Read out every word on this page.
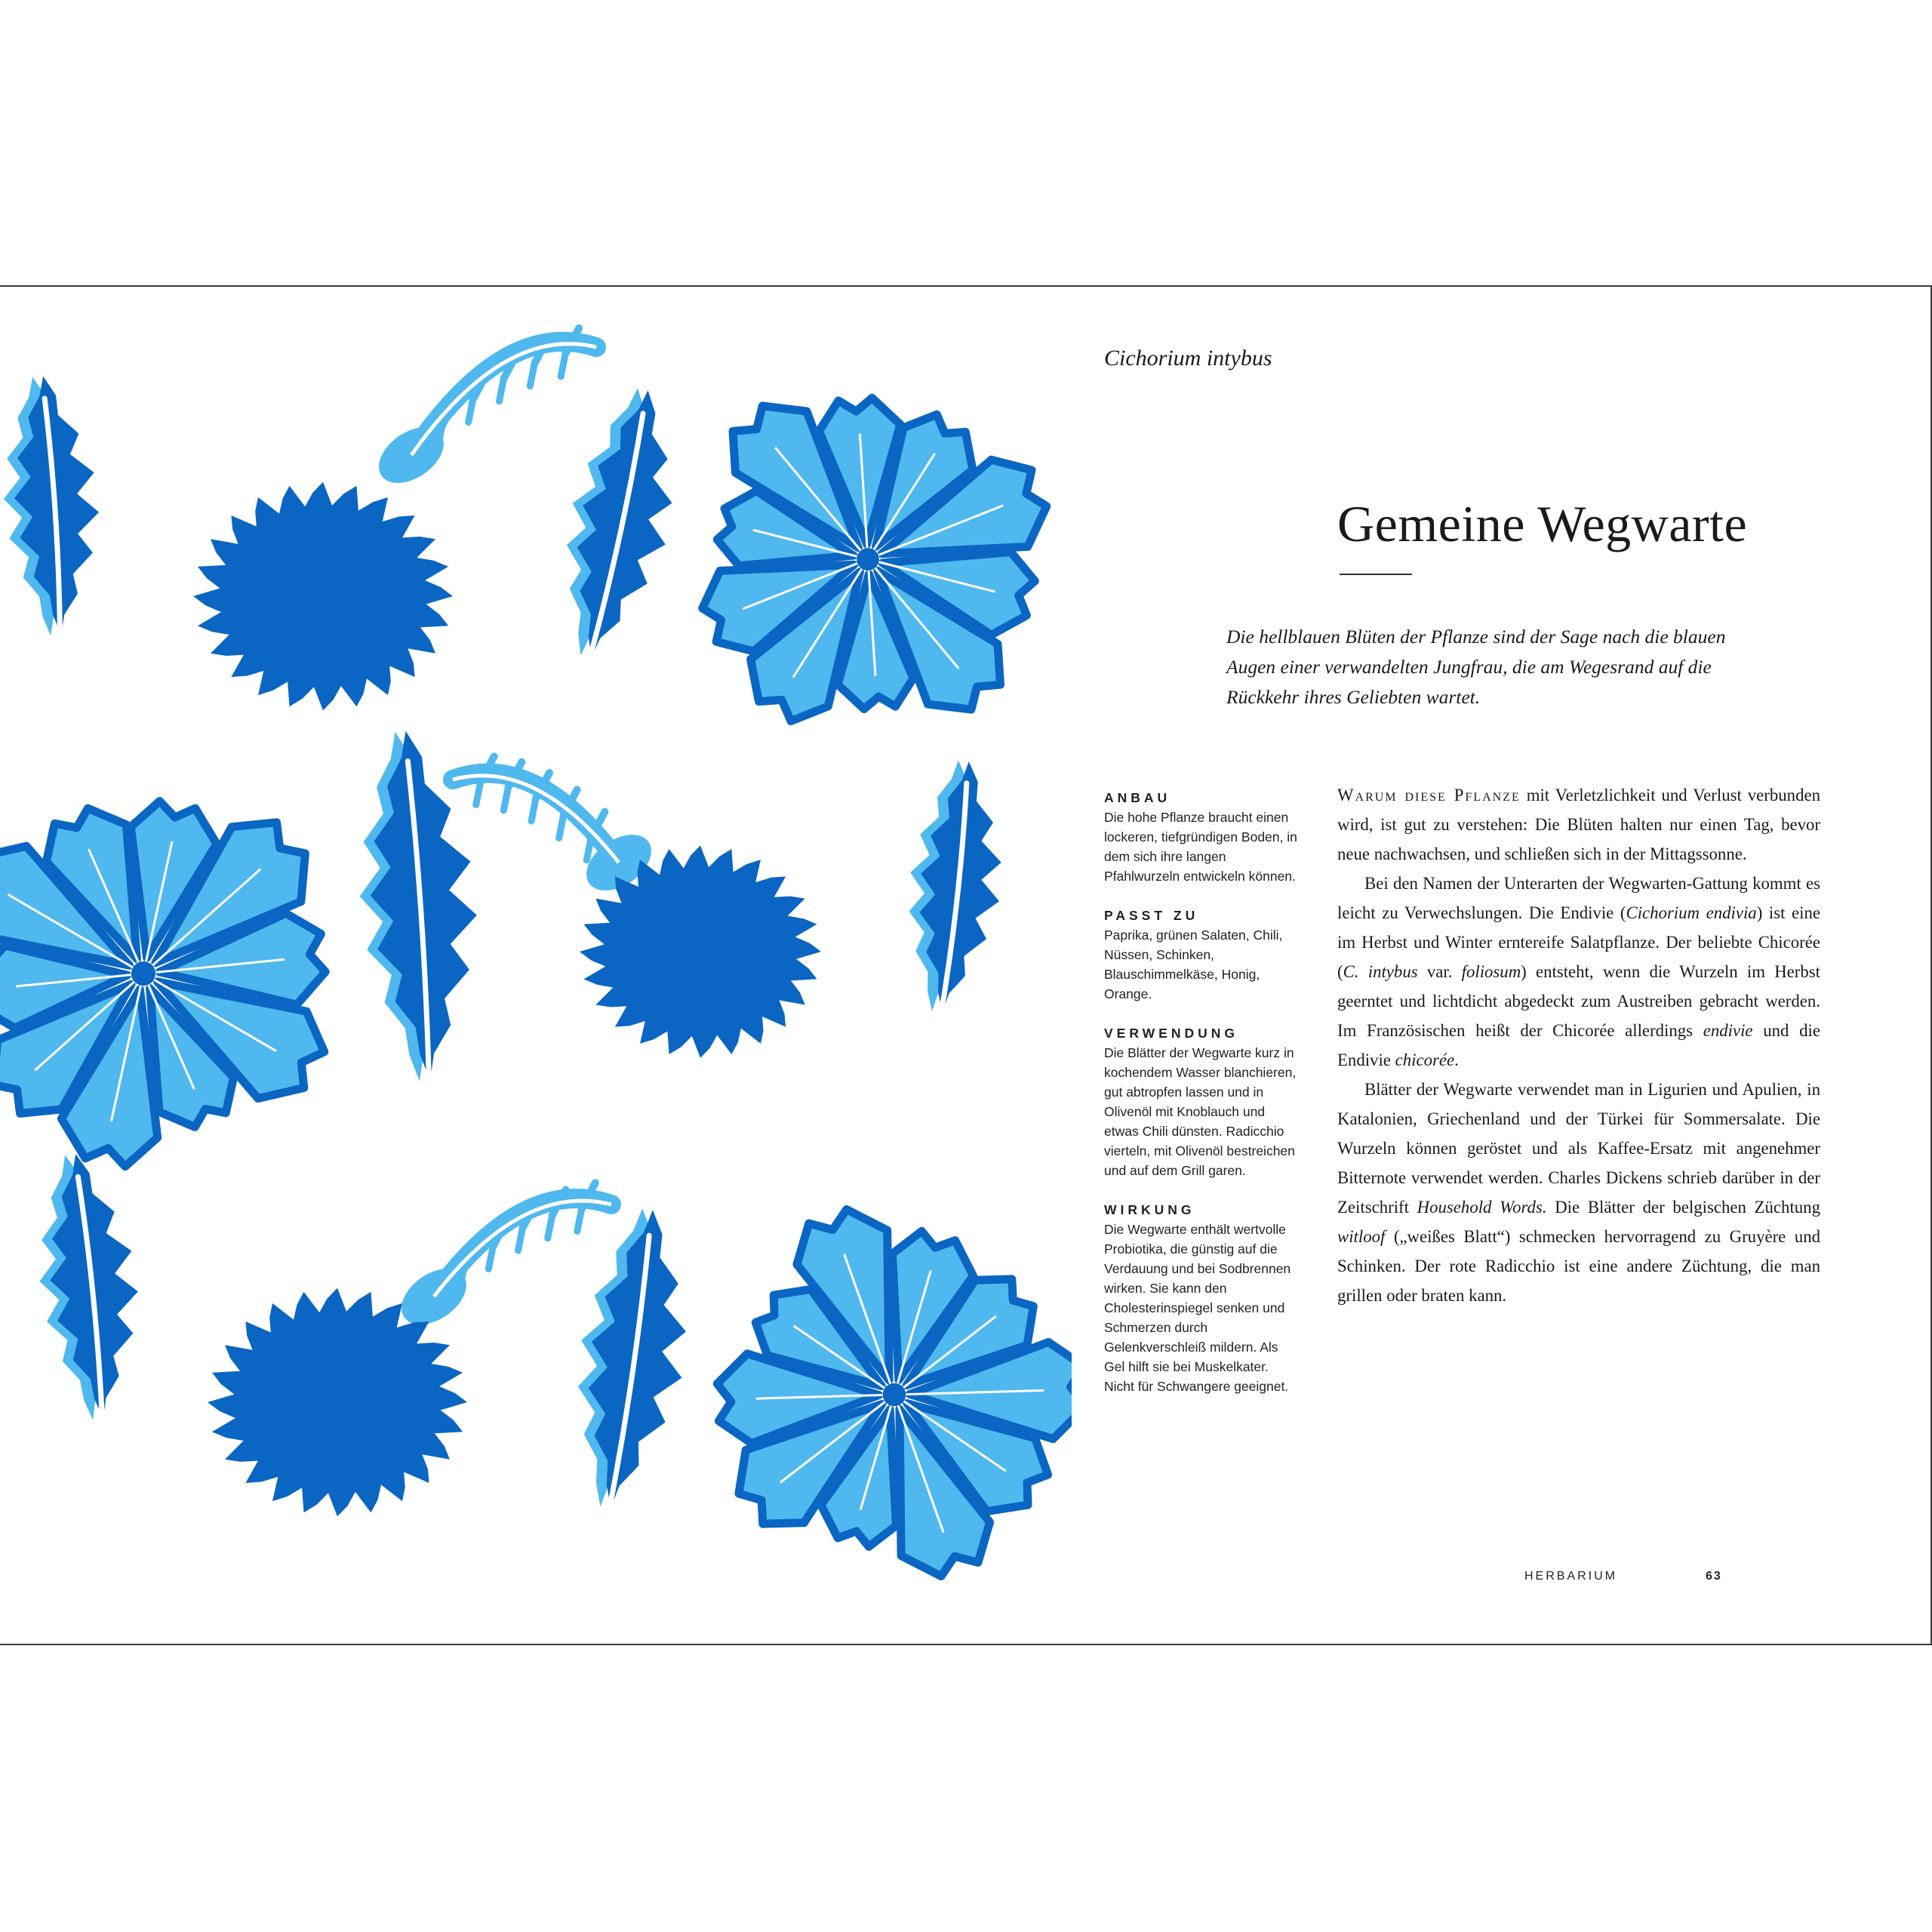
Cichorium intybus
Gemeine Wegwarte

Die hellblauen Blüten der Pflanze sind der Sage nach die blauen Augen einer verwandelten Jungfrau, die am Wegesrand auf die Rückkehr ihres Geliebten wartet.

ANBAU
Die hohe Pflanze braucht einen lockeren, tiefgründigen Boden, in dem sich ihre langen Pfahlwurzeln entwickeln können.
PASST ZU
Paprika, grünen Salaten, Chili, Nüssen, Schinken, Blauschimmelkäse, Honig, Orange.
VERWENDUNG
Die Blätter der Wegwarte kurz in kochendem Wasser blanchieren, gut abtropfen lassen und in Olivenöl mit Knoblauch und etwas Chili dünsten. Radicchio vierteln, mit Olivenöl bestreichen und auf dem Grill garen.
WIRKUNG
Die Wegwarte enthält wertvolle Probiotika, die günstig auf die Verdauung und bei Sodbrennen wirken. Sie kann den Cholesterinspiegel senken und Schmerzen durch Gelenkverschleiß mildern. Als Gel hilft sie bei Muskelkater. Nicht für Schwangere geeignet.

Warum diese Pflanze mit Verletzlichkeit und Verlust verbunden wird, ist gut zu verstehen: Die Blüten halten nur einen Tag, bevor neue nachwachsen, und schließen sich in der Mittagssonne.

Bei den Namen der Unterarten der Wegwarten-Gattung kommt es leicht zu Verwechslungen. Die Endivie (Cichorium endivia) ist eine im Herbst und Winter erntereife Salatpflanze. Der beliebte Chicorée (C. intybus var. foliosum) entsteht, wenn die Wurzeln im Herbst geerntet und lichtdicht abgedeckt zum Austreiben gebracht werden. Im Französischen heißt der Chicorée allerdings endivie und die Endivie chicorée.

Blätter der Wegwarte verwendet man in Ligurien und Apulien, in Katalonien, Griechenland und der Türkei für Sommersalate. Die Wurzeln können geröstet und als Kaffee-Ersatz mit angenehmer Bitternote verwendet werden. Charles Dickens schrieb darüber in der Zeitschrift Household Words. Die Blätter der belgischen Züchtung witloof („weißes Blatt“) schmecken hervorragend zu Gruyère und Schinken. Der rote Radicchio ist eine andere Züchtung, die man grillen oder braten kann.

HERBARIUM	63
